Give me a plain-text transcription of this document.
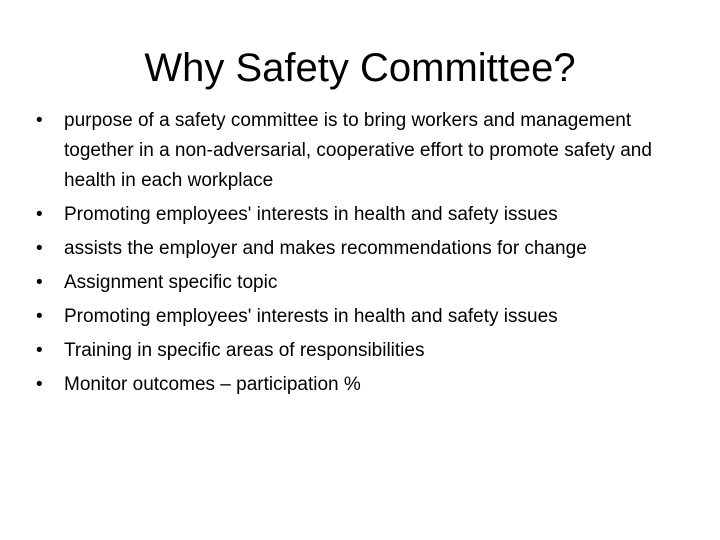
Why Safety Committee?
• purpose of a safety committee is to bring workers and management together in a non-adversarial, cooperative effort to promote safety and health in each workplace
• Promoting employees' interests in health and safety issues
• assists the employer and makes recommendations for change
• Assignment specific topic
• Promoting employees' interests in health and safety issues
• Training in specific areas of responsibilities
• Monitor outcomes – participation %
